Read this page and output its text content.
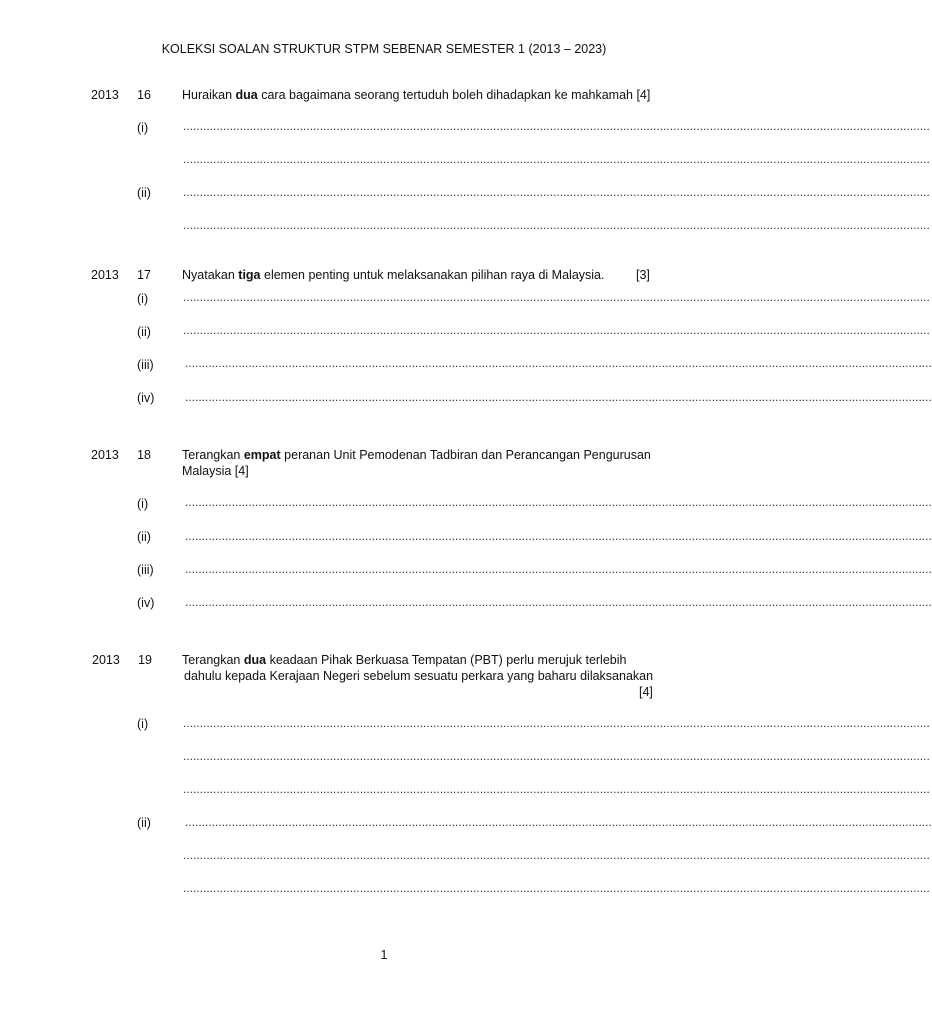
KOLEKSI SOALAN STRUKTUR STPM SEBENAR SEMESTER 1 (2013 – 2023)
2013 16 Huraikan dua cara bagaimana seorang tertuduh boleh dihadapkan ke mahkamah [4]
(i)	................................................................................................................................................................................................................................
................................................................................................................................................................................................................................
(ii)	................................................................................................................................................................................................................................
................................................................................................................................................................................................................................
2013 17 Nyatakan tiga elemen penting untuk melaksanakan pilihan raya di Malaysia.	[3]
(i)	................................................................................................................................................................................................................................
(ii)	................................................................................................................................................................................................................................
(iii)	................................................................................................................................................................................................................................
(iv)	................................................................................................................................................................................................................................
2013 18 Terangkan empat peranan Unit Pemodenan Tadbiran dan Perancangan Pengurusan Malaysia [4]
(i)	................................................................................................................................................................................................................................
(ii)	................................................................................................................................................................................................................................
(iii)	................................................................................................................................................................................................................................
(iv)	................................................................................................................................................................................................................................
2013 19 Terangkan dua keadaan Pihak Berkuasa Tempatan (PBT) perlu merujuk terlebih
dahulu kepada Kerajaan Negeri sebelum sesuatu perkara yang baharu dilaksanakan
[4]
(i)	................................................................................................................................................................................................................................
................................................................................................................................................................................................................................
................................................................................................................................................................................................................................
(ii)	................................................................................................................................................................................................................................
................................................................................................................................................................................................................................
................................................................................................................................................................................................................................
1
